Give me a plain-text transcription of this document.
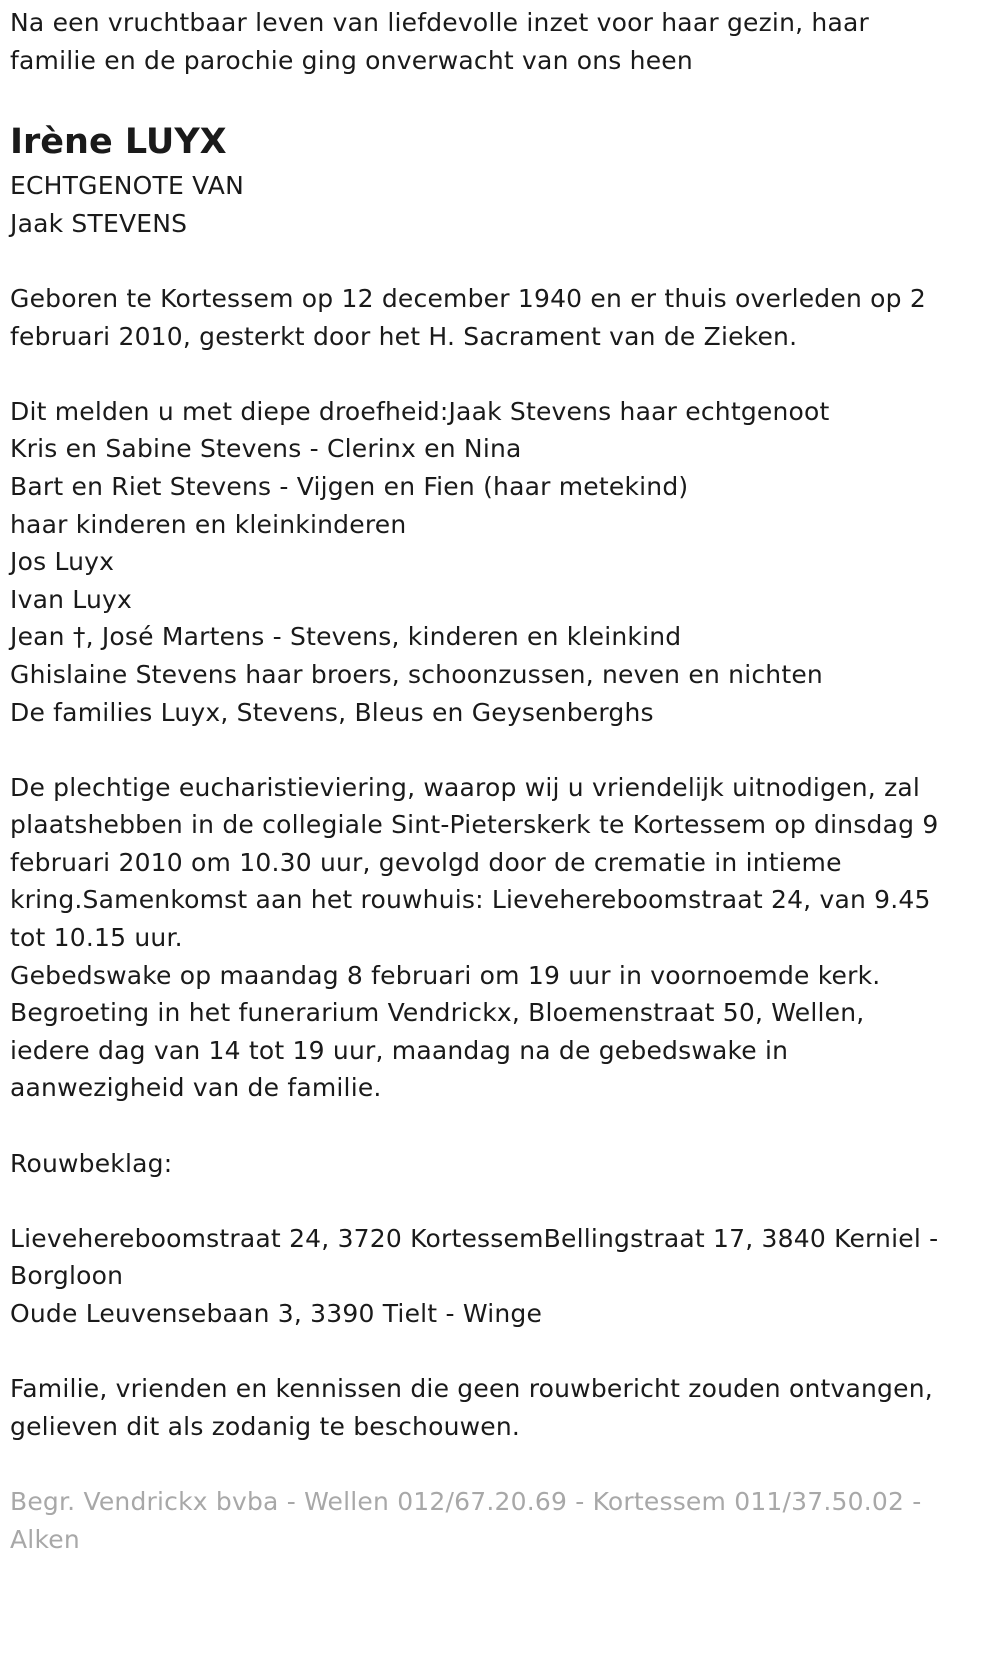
Na een vruchtbaar leven van liefdevolle inzet voor haar gezin, haar
familie en de parochie ging onverwacht van ons heen
Irène LUYX
ECHTGENOTE VAN
Jaak STEVENS
Geboren te Kortessem op 12 december 1940 en er thuis overleden op 2
februari 2010, gesterkt door het H. Sacrament van de Zieken.
Dit melden u met diepe droefheid:Jaak Stevens haar echtgenoot
Kris en Sabine Stevens - Clerinx en Nina
Bart en Riet Stevens - Vijgen en Fien (haar metekind)
haar kinderen en kleinkinderen
Jos Luyx
Ivan Luyx
Jean †, José Martens - Stevens, kinderen en kleinkind
Ghislaine Stevens haar broers, schoonzussen, neven en nichten
De families Luyx, Stevens, Bleus en Geysenberghs
De plechtige eucharistieviering, waarop wij u vriendelijk uitnodigen, zal
plaatshebben in de collegiale Sint-Pieterskerk te Kortessem op dinsdag 9
februari 2010 om 10.30 uur, gevolgd door de crematie in intieme
kring.Samenkomst aan het rouwhuis: Lievehereboomstraat 24, van 9.45
tot 10.15 uur.
Gebedswake op maandag 8 februari om 19 uur in voornoemde kerk.
Begroeting in het funerarium Vendrickx, Bloemenstraat 50, Wellen,
iedere dag van 14 tot 19 uur, maandag na de gebedswake in
aanwezigheid van de familie.
Rouwbeklag:
Lievehereboomstraat 24, 3720 KortessemBellingstraat 17, 3840 Kerniel -
Borgloon
Oude Leuvensebaan 3, 3390 Tielt - Winge
Familie, vrienden en kennissen die geen rouwbericht zouden ontvangen,
gelieven dit als zodanig te beschouwen.
Begr. Vendrickx bvba - Wellen 012/67.20.69 - Kortessem 011/37.50.02 -
Alken
